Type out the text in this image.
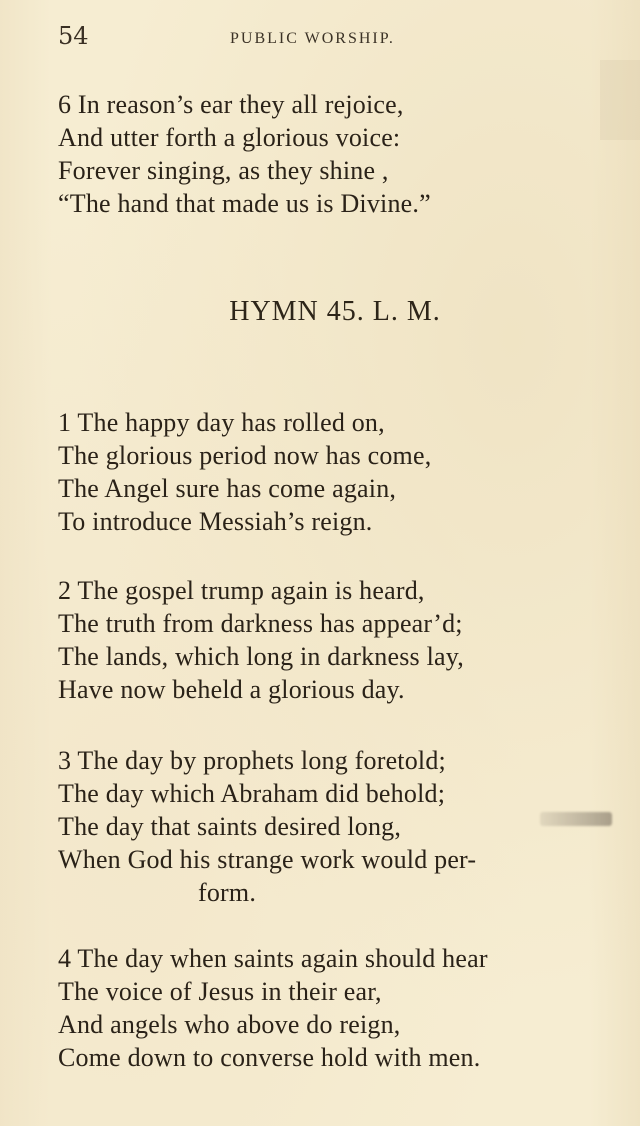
54	PUBLIC WORSHIP.
6 In reason’s ear they all rejoice,
And utter forth a glorious voice:
Forever singing, as they shine ,
“The hand that made us is Divine.”
HYMN 45. L. M.
1 The happy day has rolled on,
The glorious period now has come,
The Angel sure has come again,
To introduce Messiah’s reign.
2 The gospel trump again is heard,
The truth from darkness has appear’d;
The lands, which long in darkness lay,
Have now beheld a glorious day.
3 The day by prophets long foretold;
The day which Abraham did behold;
The day that saints desired long,
When God his strange work would per-
form.
4 The day when saints again should hear
The voice of Jesus in their ear,
And angels who above do reign,
Come down to converse hold with men.
